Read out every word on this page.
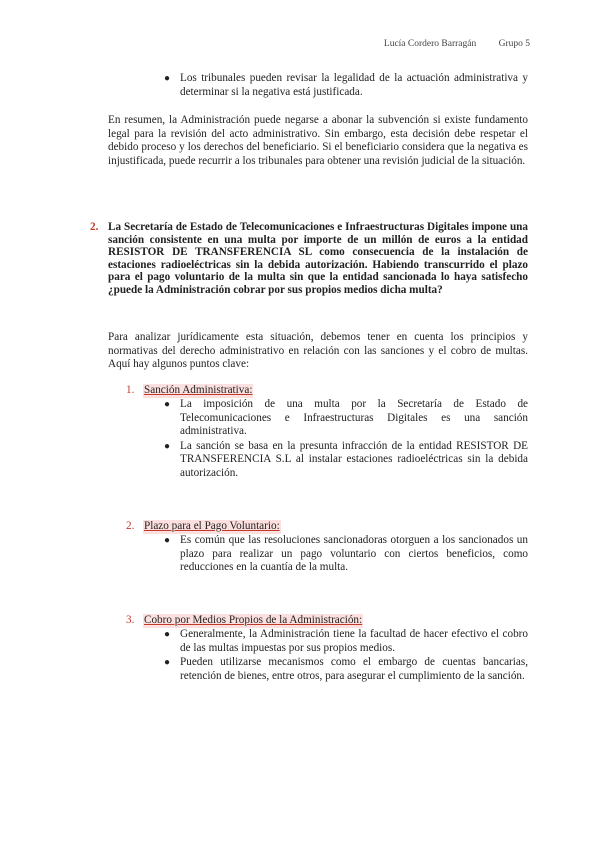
Lucía Cordero Barragán Grupo 5
● Los tribunales pueden revisar la legalidad de la actuación administrativa y determinar si la negativa está justificada.
En resumen, la Administración puede negarse a abonar la subvención si existe fundamento legal para la revisión del acto administrativo. Sin embargo, esta decisión debe respetar el debido proceso y los derechos del beneficiario. Si el beneficiario considera que la negativa es injustificada, puede recurrir a los tribunales para obtener una revisión judicial de la situación.
2. La Secretaría de Estado de Telecomunicaciones e Infraestructuras Digitales impone una sanción consistente en una multa por importe de un millón de euros a la entidad RESISTOR DE TRANSFERENCIA SL como consecuencia de la instalación de estaciones radioeléctricas sin la debida autorización. Habiendo transcurrido el plazo para el pago voluntario de la multa sin que la entidad sancionada lo haya satisfecho ¿puede la Administración cobrar por sus propios medios dicha multa?
Para analizar jurídicamente esta situación, debemos tener en cuenta los principios y normativas del derecho administrativo en relación con las sanciones y el cobro de multas. Aquí hay algunos puntos clave:
1. Sanción Administrativa:
● La imposición de una multa por la Secretaría de Estado de Telecomunicaciones e Infraestructuras Digitales es una sanción administrativa.
● La sanción se basa en la presunta infracción de la entidad RESISTOR DE TRANSFERENCIA S.L al instalar estaciones radioeléctricas sin la debida autorización.
2. Plazo para el Pago Voluntario:
● Es común que las resoluciones sancionadoras otorguen a los sancionados un plazo para realizar un pago voluntario con ciertos beneficios, como reducciones en la cuantía de la multa.
3. Cobro por Medios Propios de la Administración:
● Generalmente, la Administración tiene la facultad de hacer efectivo el cobro de las multas impuestas por sus propios medios.
● Pueden utilizarse mecanismos como el embargo de cuentas bancarias, retención de bienes, entre otros, para asegurar el cumplimiento de la sanción.
